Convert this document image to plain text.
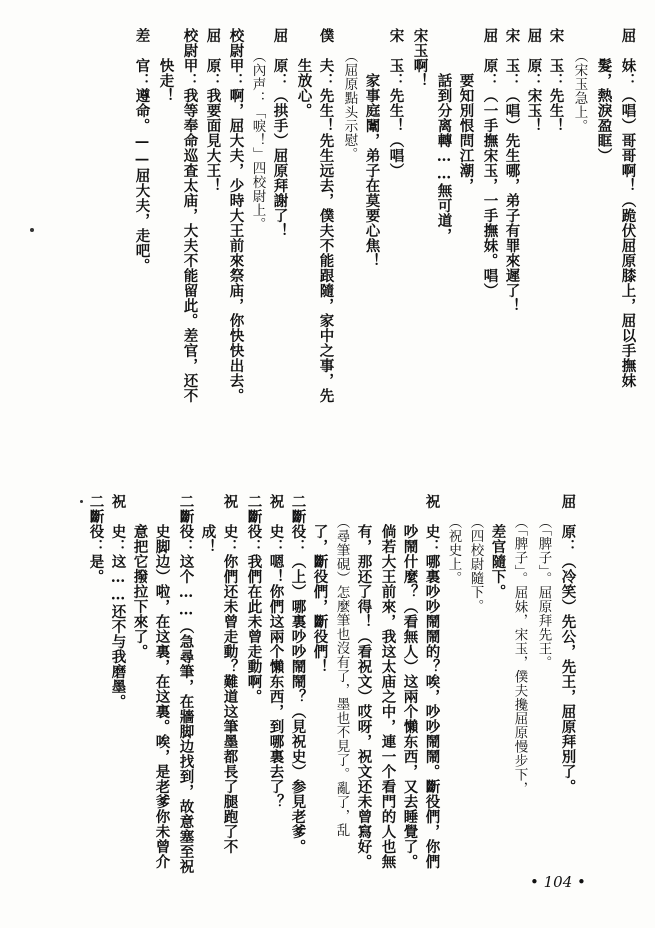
屈　妹：（唱）哥哥啊！（跪伏屈原膝上，屈以手撫妹
　　髮，熱淚盈眶）
　　（宋玉急上。
宋　玉：先生！
屈　原：宋玉！
宋　玉：（唱）先生哪，弟子有罪來遲了！
屈　原：（一手撫宋玉，一手撫妹。唱）
　　　要知別恨問江潮，
　　　話到分离轉……無可道，
宋玉啊！
宋　玉：先生！（唱）
　　　家事庭闈，弟子在莫要心焦！
　　（屈原點头示慰。
僕　夫：先生！先生远去，僕夫不能跟隨，家中之事，先
　　生放心。
屈　原：（拱手）屈原拜謝了！
　　（內声：「唳！」四校尉上。
校尉甲：啊，屈大夫，少時大王前來祭庙，你快快出去。
屈　原：我要面見大王！
校尉甲：我等奉命巡査太庙，大夫不能留此。差官，还不
　　快走！
差　官：遵命。——屈大夫，走吧。
屈　原：（冷笑）先公，先王，屈原拜別了。
　　（「脾子」。屈原拜先王。
　　（「脾子」。屈妹，宋玉，僕夫攙屈原慢步下，
　　差官隨下。
　　（四校尉隨下。
　　（祝史上。
祝　史：哪裏吵吵鬧鬧的？唉，吵吵鬧鬧。斷役們，你們
　　吵鬧什麼？（看無人）这兩个懶东西，又去睡覺了。
　　倘若大王前來，我这太庙之中，連一个看門的人也無
　　有，那还了得！（看祝文）哎呀，祝文还未曾寫好。
　　（尋筆硯）怎麼筆也沒有了，墨也不見了。亂了，乱
　　了，斷役們，斷役們！
二斷役：（上）哪裏吵吵鬧鬧？（見祝史）参見老爹。
祝　史：嗯！你們这兩个懶东西，到哪裏去了？
二斷役：我們在此未曾走動啊。
祝　史：你們还未曾走動？難道这筆墨都長了腿跑了不
　　成！
二斷役：这个……（急尋筆，在牆脚边找到，故意塞至祝
　　史脚边）啦，在这裏，在这裏。唉，是老爹你未曾介
　　意把它撥拉下來了。
祝　史：这……还不与我磨墨。
二斷役：是。
• 104 •
